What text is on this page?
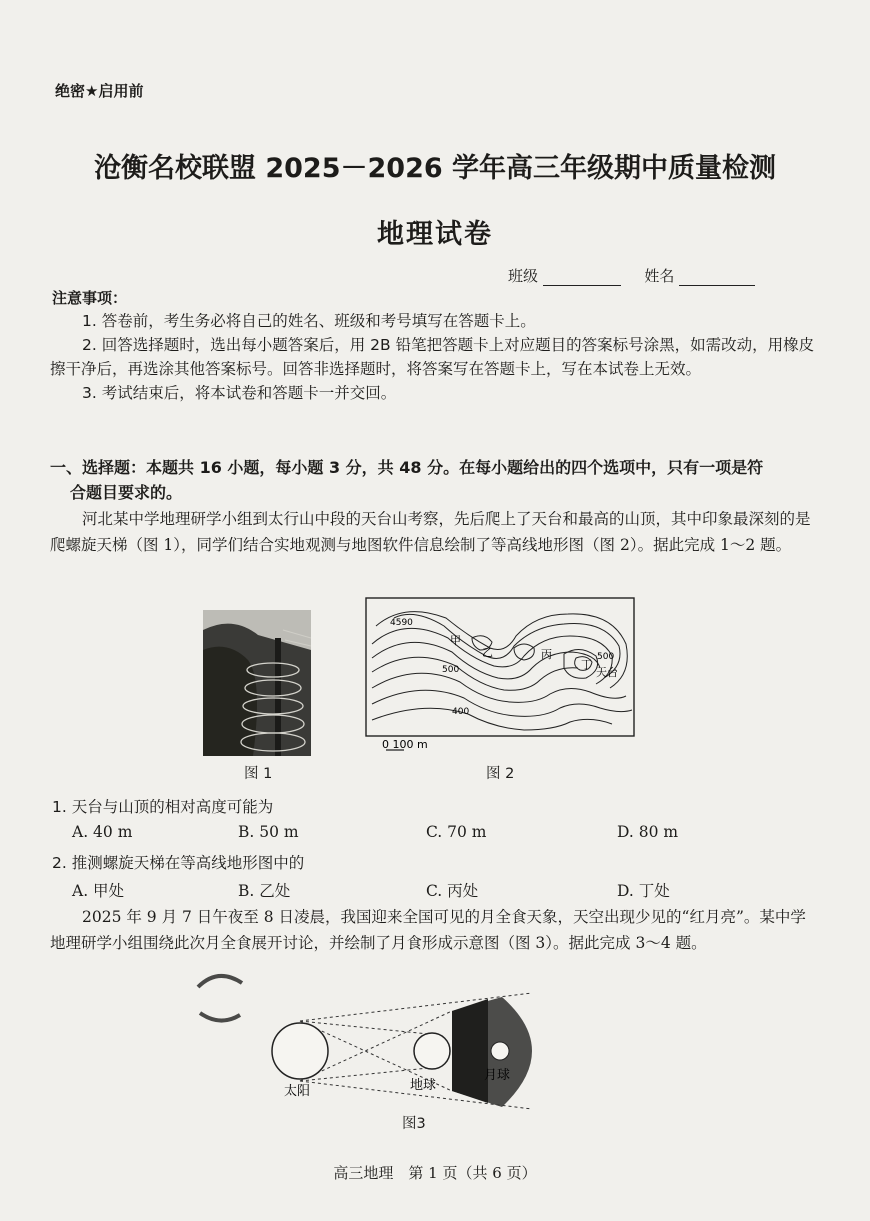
绝密★启用前
沧衡名校联盟 2025－2026 学年高三年级期中质量检测
地理试卷
班级	姓名
注意事项：

1. 答卷前，考生务必将自己的姓名、班级和考号填写在答题卡上。

2. 回答选择题时，选出每小题答案后，用 2B 铅笔把答题卡上对应题目的答案标号涂黑，如需改动，用橡皮擦干净后，再选涂其他答案标号。回答非选择题时，将答案写在答题卡上，写在本试卷上无效。

3. 考试结束后，将本试卷和答题卡一并交回。

一、选择题：本题共 16 小题，每小题 3 分，共 48 分。在每小题给出的四个选项中，只有一项是符
合题目要求的。

河北某中学地理研学小组到太行山中段的天台山考察，先后爬上了天台和最高的山顶，其中印象最深刻的是爬螺旋天梯（图 1），同学们结合实地观测与地图软件信息绘制了等高线地形图（图 2）。据此完成 1～2 题。

图 1
4590
甲
乙	丙
丁
天台
500
500
400
0 100 m
图 2
1. 天台与山顶的相对高度可能为
A. 40 m	B. 50 m	C. 70 m	D. 80 m
2. 推测螺旋天梯在等高线地形图中的
A. 甲处	B. 乙处	C. 丙处	D. 丁处

2025 年 9 月 7 日午夜至 8 日凌晨，我国迎来全国可见的月全食天象，天空出现少见的“红月亮”。某中学地理研学小组围绕此次月全食展开讨论，并绘制了月食形成示意图（图 3）。据此完成 3～4 题。

太阳	地球
月球
图3
高三地理　第 1 页（共 6 页）
